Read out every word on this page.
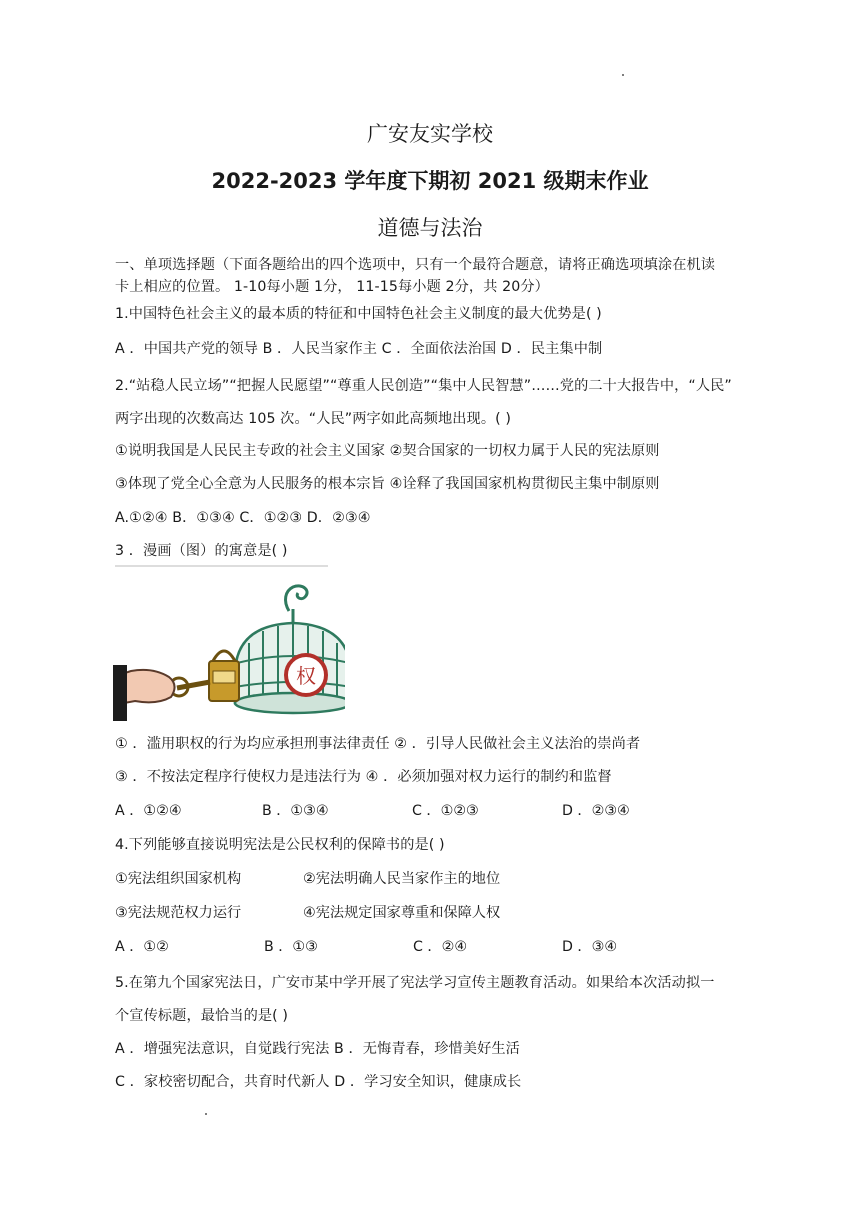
广安友实学校
2022-2023 学年度下期初 2021 级期末作业
道德与法治
一、单项选择题（下面各题给出的四个选项中，只有一个最符合题意，请将正确选项填涂在机读
卡上相应的位置。 1-10每小题 1分， 11-15每小题 2分，共 20分）
1.中国特色社会主义的最本质的特征和中国特色社会主义制度的最大优势是( )
A ．中国共产党的领导 B ．人民当家作主 C ．全面依法治国 D ．民主集中制
2.“站稳人民立场”“把握人民愿望”“尊重人民创造”“集中人民智慧”……党的二十大报告中，“人民”
两字出现的次数高达 105 次。“人民”两字如此高频地出现。( )
①说明我国是人民民主专政的社会主义国家 ②契合国家的一切权力属于人民的宪法原则
③体现了党全心全意为人民服务的根本宗旨 ④诠释了我国国家机构贯彻民主集中制原则
A.①②④ B．①③④ C．①②③ D．②③④
3 ．漫画（图）的寓意是( )
权
① ．滥用职权的行为均应承担刑事法律责任 ② ．引导人民做社会主义法治的崇尚者
③ ．不按法定程序行使权力是违法行为 ④ ．必须加强对权力运行的制约和监督
A ．①②④	B ．①③④	C ．①②③	D ．②③④
4.下列能够直接说明宪法是公民权利的保障书的是( )
①宪法组织国家机构	②宪法明确人民当家作主的地位
③宪法规范权力运行	④宪法规定国家尊重和保障人权
A ．①②	B ．①③	C ．②④	D ．③④
5.在第九个国家宪法日，广安市某中学开展了宪法学习宣传主题教育活动。如果给本次活动拟一
个宣传标题，最恰当的是( )
A ．增强宪法意识，自觉践行宪法 B ．无悔青春，珍惜美好生活
C ．家校密切配合，共育时代新人 D ．学习安全知识，健康成长
